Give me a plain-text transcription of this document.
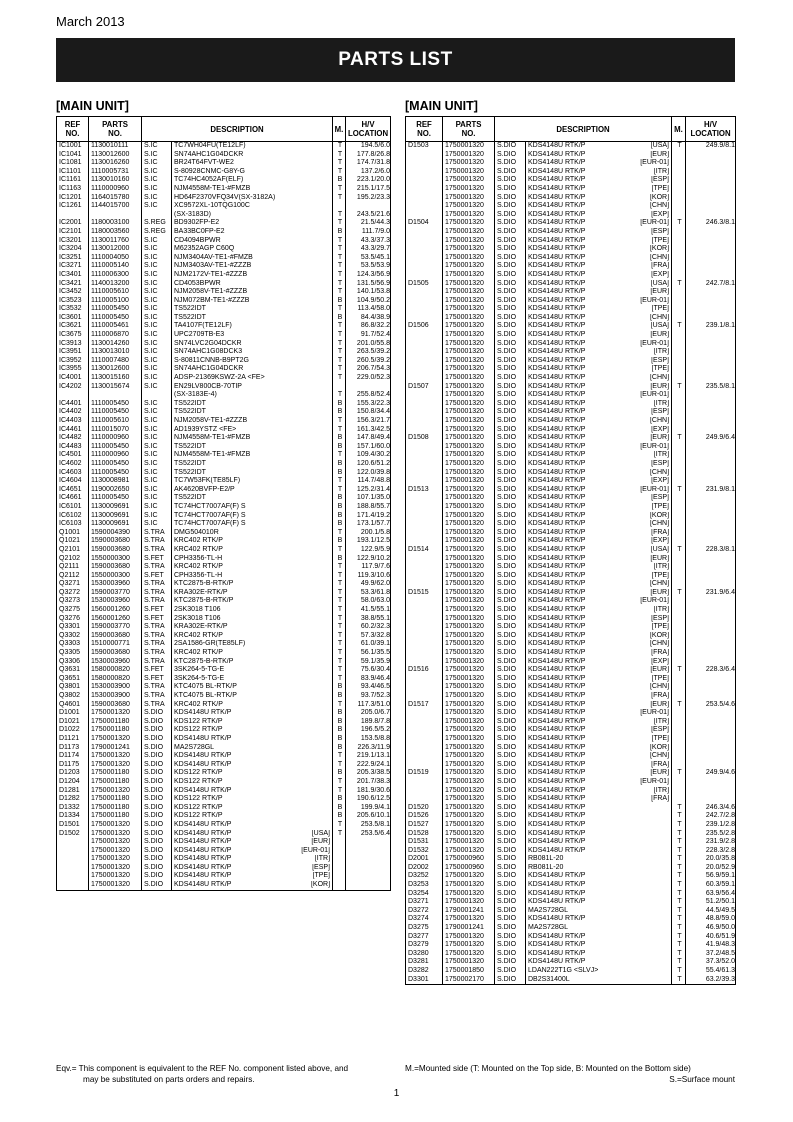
March 2013
PARTS LIST
[MAIN UNIT]	[MAIN UNIT]
REF
NO.	PARTS
NO.	DESCRIPTION		M.	H/V
LOCATION
IC1001	1130010111	S.IC	TC7WH04FU(TE12LF)	T	194.5/6.0
IC1041	1130012600	S.IC	SN74AHC1G04DCKR	T	177.8/26.8
IC1081	1130016260	S.IC	BR24T64FVT-WE2	T	174.7/31.8
IC1101	1110005731	S.IC	S-80928CNMC-G8Y-G	T	137.2/6.0
IC1161	1130010160	S.IC	TC74HC4052AF(ELF)	B	223.1/20.0
IC1163	1110000960	S.IC	NJM4558M-TE1-#FMZB	T	215.1/17.5
IC1201	1164015780	S.IC	HD64F2370VFQ34V(SX-3182A)	T	195.2/23.3
IC1261	1144015700	S.IC	XC9572XL-10TQG100C		

			(SX-3183D)	T	243.5/21.6
IC2001	1180003100	S.REG	BD9302FP-E2	T	21.5/44.3
IC2101	1180003560	S.REG	BA33BC0FP-E2	B	111.7/9.0
IC3201	1130011760	S.IC	CD4094BPWR	T	43.3/37.3
IC3204	1130012000	S.IC	M62352AGP C60Q	T	43.3/29.7
IC3251	1110004050	S.IC	NJM3404AV-TE1-#FMZB	T	53.5/45.1
IC3271	1110005140	S.IC	NJM3403AV-TE1-#ZZZB	T	53.5/53.9
IC3401	1110006300	S.IC	NJM2172V-TE1-#ZZZB	T	124.3/56.9
IC3421	1140013200	S.IC	CD4053BPWR	T	131.5/56.9
IC3452	1110005610	S.IC	NJM2058V-TE1-#ZZZB	T	140.1/53.8
IC3523	1110005100	S.IC	NJM072BM-TE1-#ZZZB	B	104.9/50.2
IC3532	1110005450	S.IC	TS522IDT	T	113.4/58.0
IC3601	1110005450	S.IC	TS522IDT	B	84.4/38.9
IC3621	1110005461	S.IC	TA4107F(TE12LF)	T	86.8/32.2
IC3675	1110006870	S.IC	UPC2709TB-E3	T	91.7/52.4
IC3913	1130014260	S.IC	SN74LVC2G04DCKR	T	201.0/55.8
IC3951	1130013010	S.IC	SN74AHC1G08DCK3	T	263.5/39.2
IC3952	1110007480	S.IC	S-80811CNNB-B9PT2G	T	260.5/39.2
IC3955	1130012600	S.IC	SN74AHC1G04DCKR	T	206.7/54.3
IC4001	1130015160	S.IC	ADSP-21369KSWZ-2A <FE>	T	229.0/52.3
IC4202	1130015674	S.IC	EN29LV800CB-70TIP		

			(SX-3183E-4)	T	255.8/52.4
IC4401	1110005450	S.IC	TS522IDT	B	155.3/22.3
IC4402	1110005450	S.IC	TS522IDT	B	150.8/34.4
IC4403	1110005610	S.IC	NJM2058V-TE1-#ZZZB	T	156.3/21.7
IC4461	1110015070	S.IC	AD1939YSTZ <FE>	T	161.3/42.5
IC4482	1110000960	S.IC	NJM4558M-TE1-#FMZB	B	147.8/49.4
IC4483	1110005450	S.IC	TS522IDT	B	157.1/60.0
IC4501	1110000960	S.IC	NJM4558M-TE1-#FMZB	T	109.4/30.2
IC4602	1110005450	S.IC	TS522IDT	B	120.6/51.2
IC4603	1110005450	S.IC	TS522IDT	B	122.0/39.8
IC4604	1130008981	S.IC	TC7W53FK(TE85LF)	T	114.7/48.8
IC4651	1190002650	S.IC	AK4620BVFP-E2/P	T	125.2/31.4
IC4661	1110005450	S.IC	TS522IDT	B	107.1/35.0
IC6101	1130009691	S.IC	TC74HCT7007AF(F) S	B	188.8/55.7
IC6102	1130009691	S.IC	TC74HCT7007AF(F) S	B	171.4/19.2
IC6103	1130009691	S.IC	TC74HCT7007AF(F) S	B	173.1/57.7

Q1001	1590004390	S.TRA	DMG504010R	T	200.1/5.8
Q1021	1590003680	S.TRA	KRC402 RTK/P	B	193.1/12.5
Q2101	1590003680	S.TRA	KRC402 RTK/P	T	122.9/5.9
Q2102	1550000300	S.FET	CPH3356-TL-H	B	122.9/10.2
Q2111	1590003680	S.TRA	KRC402 RTK/P	T	117.9/7.6
Q2112	1550000300	S.FET	CPH3356-TL-H	T	119.3/10.6
Q3271	1530003960	S.TRA	KTC2875-B-RTK/P	T	49.9/62.0
Q3272	1590003770	S.TRA	KRA302E-RTK/P	T	53.3/61.8
Q3273	1530003960	S.TRA	KTC2875-B-RTK/P	T	58.0/63.0
Q3275	1560001260	S.FET	2SK3018 T106	T	41.5/55.1
Q3276	1560001260	S.FET	2SK3018 T106	T	38.8/55.1
Q3301	1590003770	S.TRA	KRA302E-RTK/P	T	60.2/32.3
Q3302	1590003680	S.TRA	KRC402 RTK/P	T	57.3/32.8
Q3303	1510000771	S.TRA	2SA1586-GR(TE85LF)	T	61.0/39.1
Q3305	1590003680	S.TRA	KRC402 RTK/P	T	56.1/35.5
Q3306	1530003960	S.TRA	KTC2875-B-RTK/P	T	59.1/35.9
Q3631	1580000820	S.FET	3SK264-5-TG-E	T	75.6/30.4
Q3651	1580000820	S.FET	3SK264-5-TG-E	T	83.9/46.4
Q3801	1530003900	S.TRA	KTC4075 BL-RTK/P	B	93.4/46.5
Q3802	1530003900	S.TRA	KTC4075 BL-RTK/P	B	93.7/52.3
Q4601	1590003680	S.TRA	KRC402 RTK/P	T	117.3/51.0

D1001	1750001320	S.DIO	KDS4148U RTK/P	B	205.0/6.7
D1021	1750001180	S.DIO	KDS122 RTK/P	B	189.8/7.8
D1022	1750001180	S.DIO	KDS122 RTK/P	B	196.5/5.2
D1121	1750001320	S.DIO	KDS4148U RTK/P	B	153.5/8.8
D1173	1790001241	S.DIO	MA2S728GL	B	226.3/11.9
D1174	1750001320	S.DIO	KDS4148U RTK/P	T	219.1/13.1
D1175	1750001320	S.DIO	KDS4148U RTK/P	T	222.9/24.1
D1203	1750001180	S.DIO	KDS122 RTK/P	B	205.3/38.5
D1204	1750001180	S.DIO	KDS122 RTK/P	T	201.7/38.3
D1281	1750001320	S.DIO	KDS4148U RTK/P	T	181.9/30.6
D1282	1750001180	S.DIO	KDS122 RTK/P	B	190.6/12.5
D1332	1750001180	S.DIO	KDS122 RTK/P	B	199.9/4.1
D1334	1750001180	S.DIO	KDS122 RTK/P	B	205.6/10.1
D1501	1750001320	S.DIO	KDS4148U RTK/P	T	253.5/8.1
D1502	1750001320	S.DIO	KDS4148U RTK/P [USA]	T	253.5/6.4
	1750001320	S.DIO	KDS4148U RTK/P [EUR]		

	1750001320	S.DIO	KDS4148U RTK/P [EUR-01]		

	1750001320	S.DIO	KDS4148U RTK/P [ITR]		

	1750001320	S.DIO	KDS4148U RTK/P [ESP]		

	1750001320	S.DIO	KDS4148U RTK/P [TPE]		

	1750001320	S.DIO	KDS4148U RTK/P [KOR]		

REF
NO.	PARTS
NO.	DESCRIPTION		M.	H/V
LOCATION
D1503	1750001320	S.DIO	KDS4148U RTK/P [USA]	T	249.9/8.1
	1750001320	S.DIO	KDS4148U RTK/P [EUR]		

	1750001320	S.DIO	KDS4148U RTK/P [EUR-01]		

	1750001320	S.DIO	KDS4148U RTK/P [ITR]		

	1750001320	S.DIO	KDS4148U RTK/P [ESP]		

	1750001320	S.DIO	KDS4148U RTK/P [TPE]		

	1750001320	S.DIO	KDS4148U RTK/P [KOR]		

	1750001320	S.DIO	KDS4148U RTK/P [CHN]		

	1750001320	S.DIO	KDS4148U RTK/P [EXP]		

D1504	1750001320	S.DIO	KDS4148U RTK/P [EUR-01]	T	246.3/8.1
	1750001320	S.DIO	KDS4148U RTK/P [ESP]		

	1750001320	S.DIO	KDS4148U RTK/P [TPE]		

	1750001320	S.DIO	KDS4148U RTK/P [KOR]		

	1750001320	S.DIO	KDS4148U RTK/P [CHN]		

	1750001320	S.DIO	KDS4148U RTK/P [FRA]		

	1750001320	S.DIO	KDS4148U RTK/P [EXP]		

D1505	1750001320	S.DIO	KDS4148U RTK/P [USA]	T	242.7/8.1
	1750001320	S.DIO	KDS4148U RTK/P [EUR]		

	1750001320	S.DIO	KDS4148U RTK/P [EUR-01]		

	1750001320	S.DIO	KDS4148U RTK/P [TPE]		

	1750001320	S.DIO	KDS4148U RTK/P [CHN]		

D1506	1750001320	S.DIO	KDS4148U RTK/P [USA]	T	239.1/8.1
	1750001320	S.DIO	KDS4148U RTK/P [EUR]		

	1750001320	S.DIO	KDS4148U RTK/P [EUR-01]		

	1750001320	S.DIO	KDS4148U RTK/P [ITR]		

	1750001320	S.DIO	KDS4148U RTK/P [ESP]		

	1750001320	S.DIO	KDS4148U RTK/P [TPE]		

	1750001320	S.DIO	KDS4148U RTK/P [CHN]		

D1507	1750001320	S.DIO	KDS4148U RTK/P [EUR]	T	235.5/8.1
	1750001320	S.DIO	KDS4148U RTK/P [EUR-01]		

	1750001320	S.DIO	KDS4148U RTK/P [ITR]		

	1750001320	S.DIO	KDS4148U RTK/P [ESP]		

	1750001320	S.DIO	KDS4148U RTK/P [CHN]		

	1750001320	S.DIO	KDS4148U RTK/P [EXP]		

D1508	1750001320	S.DIO	KDS4148U RTK/P [EUR]	T	249.9/6.4
	1750001320	S.DIO	KDS4148U RTK/P [EUR-01]		

	1750001320	S.DIO	KDS4148U RTK/P [ITR]		

	1750001320	S.DIO	KDS4148U RTK/P [ESP]		

	1750001320	S.DIO	KDS4148U RTK/P [CHN]		

	1750001320	S.DIO	KDS4148U RTK/P [EXP]		

D1513	1750001320	S.DIO	KDS4148U RTK/P [EUR-01]	T	231.9/8.1
	1750001320	S.DIO	KDS4148U RTK/P [ESP]		

	1750001320	S.DIO	KDS4148U RTK/P [TPE]		

	1750001320	S.DIO	KDS4148U RTK/P [KOR]		

	1750001320	S.DIO	KDS4148U RTK/P [CHN]		

	1750001320	S.DIO	KDS4148U RTK/P [FRA]		

	1750001320	S.DIO	KDS4148U RTK/P [EXP]		

D1514	1750001320	S.DIO	KDS4148U RTK/P [USA]	T	228.3/8.1
	1750001320	S.DIO	KDS4148U RTK/P [EUR]		

	1750001320	S.DIO	KDS4148U RTK/P [ITR]		

	1750001320	S.DIO	KDS4148U RTK/P [TPE]		

	1750001320	S.DIO	KDS4148U RTK/P [CHN]		

D1515	1750001320	S.DIO	KDS4148U RTK/P [EUR]	T	231.9/6.4
	1750001320	S.DIO	KDS4148U RTK/P [EUR-01]		

	1750001320	S.DIO	KDS4148U RTK/P [ITR]		

	1750001320	S.DIO	KDS4148U RTK/P [ESP]		

	1750001320	S.DIO	KDS4148U RTK/P [TPE]		

	1750001320	S.DIO	KDS4148U RTK/P [KOR]		

	1750001320	S.DIO	KDS4148U RTK/P [CHN]		

	1750001320	S.DIO	KDS4148U RTK/P [FRA]		

	1750001320	S.DIO	KDS4148U RTK/P [EXP]		

D1516	1750001320	S.DIO	KDS4148U RTK/P [EUR]	T	228.3/6.4
	1750001320	S.DIO	KDS4148U RTK/P [TPE]		

	1750001320	S.DIO	KDS4148U RTK/P [CHN]		

	1750001320	S.DIO	KDS4148U RTK/P [FRA]		

D1517	1750001320	S.DIO	KDS4148U RTK/P [EUR]	T	253.5/4.6
	1750001320	S.DIO	KDS4148U RTK/P [EUR-01]		

	1750001320	S.DIO	KDS4148U RTK/P [ITR]		

	1750001320	S.DIO	KDS4148U RTK/P [ESP]		

	1750001320	S.DIO	KDS4148U RTK/P [TPE]		

	1750001320	S.DIO	KDS4148U RTK/P [KOR]		

	1750001320	S.DIO	KDS4148U RTK/P [CHN]		

	1750001320	S.DIO	KDS4148U RTK/P [FRA]		

D1519	1750001320	S.DIO	KDS4148U RTK/P [EUR]	T	249.9/4.6
	1750001320	S.DIO	KDS4148U RTK/P [EUR-01]		

	1750001320	S.DIO	KDS4148U RTK/P [ITR]		

	1750001320	S.DIO	KDS4148U RTK/P [FRA]		

D1520	1750001320	S.DIO	KDS4148U RTK/P	T	246.3/4.6
D1526	1750001320	S.DIO	KDS4148U RTK/P	T	242.7/2.8
D1527	1750001320	S.DIO	KDS4148U RTK/P	T	239.1/2.8
D1528	1750001320	S.DIO	KDS4148U RTK/P	T	235.5/2.8
D1531	1750001320	S.DIO	KDS4148U RTK/P	T	231.9/2.8
D1532	1750001320	S.DIO	KDS4148U RTK/P	T	228.3/2.8
D2001	1750000960	S.DIO	RB081L-20	T	20.0/35.8
D2002	1750000960	S.DIO	RB081L-20	T	20.0/52.9
D3252	1750001320	S.DIO	KDS4148U RTK/P	T	56.9/59.1
D3253	1750001320	S.DIO	KDS4148U RTK/P	T	60.3/59.1
D3254	1750001320	S.DIO	KDS4148U RTK/P	T	63.9/56.4
D3271	1750001320	S.DIO	KDS4148U RTK/P	T	51.2/50.1
D3272	1790001241	S.DIO	MA2S728GL	T	44.5/49.5
D3274	1750001320	S.DIO	KDS4148U RTK/P	T	48.8/59.0
D3275	1790001241	S.DIO	MA2S728GL	T	46.9/50.0
D3277	1750001320	S.DIO	KDS4148U RTK/P	T	40.6/51.9
D3279	1750001320	S.DIO	KDS4148U RTK/P	T	41.9/48.3
D3280	1750001320	S.DIO	KDS4148U RTK/P	T	37.2/48.5
D3281	1750001320	S.DIO	KDS4148U RTK/P	T	37.3/52.0
D3282	1750001850	S.DIO	LDAN222T1G <SLVJ>	T	55.4/61.3
D3301	1750002170	S.DIO	DB2S31400L	T	63.2/39.3
Eqv.= This component is equivalent to the REF No. component listed above, and
may be substituted on parts orders and repairs.
M.=Mounted side (T: Mounted on the Top side, B: Mounted on the Bottom side)
S.=Surface mount
1
